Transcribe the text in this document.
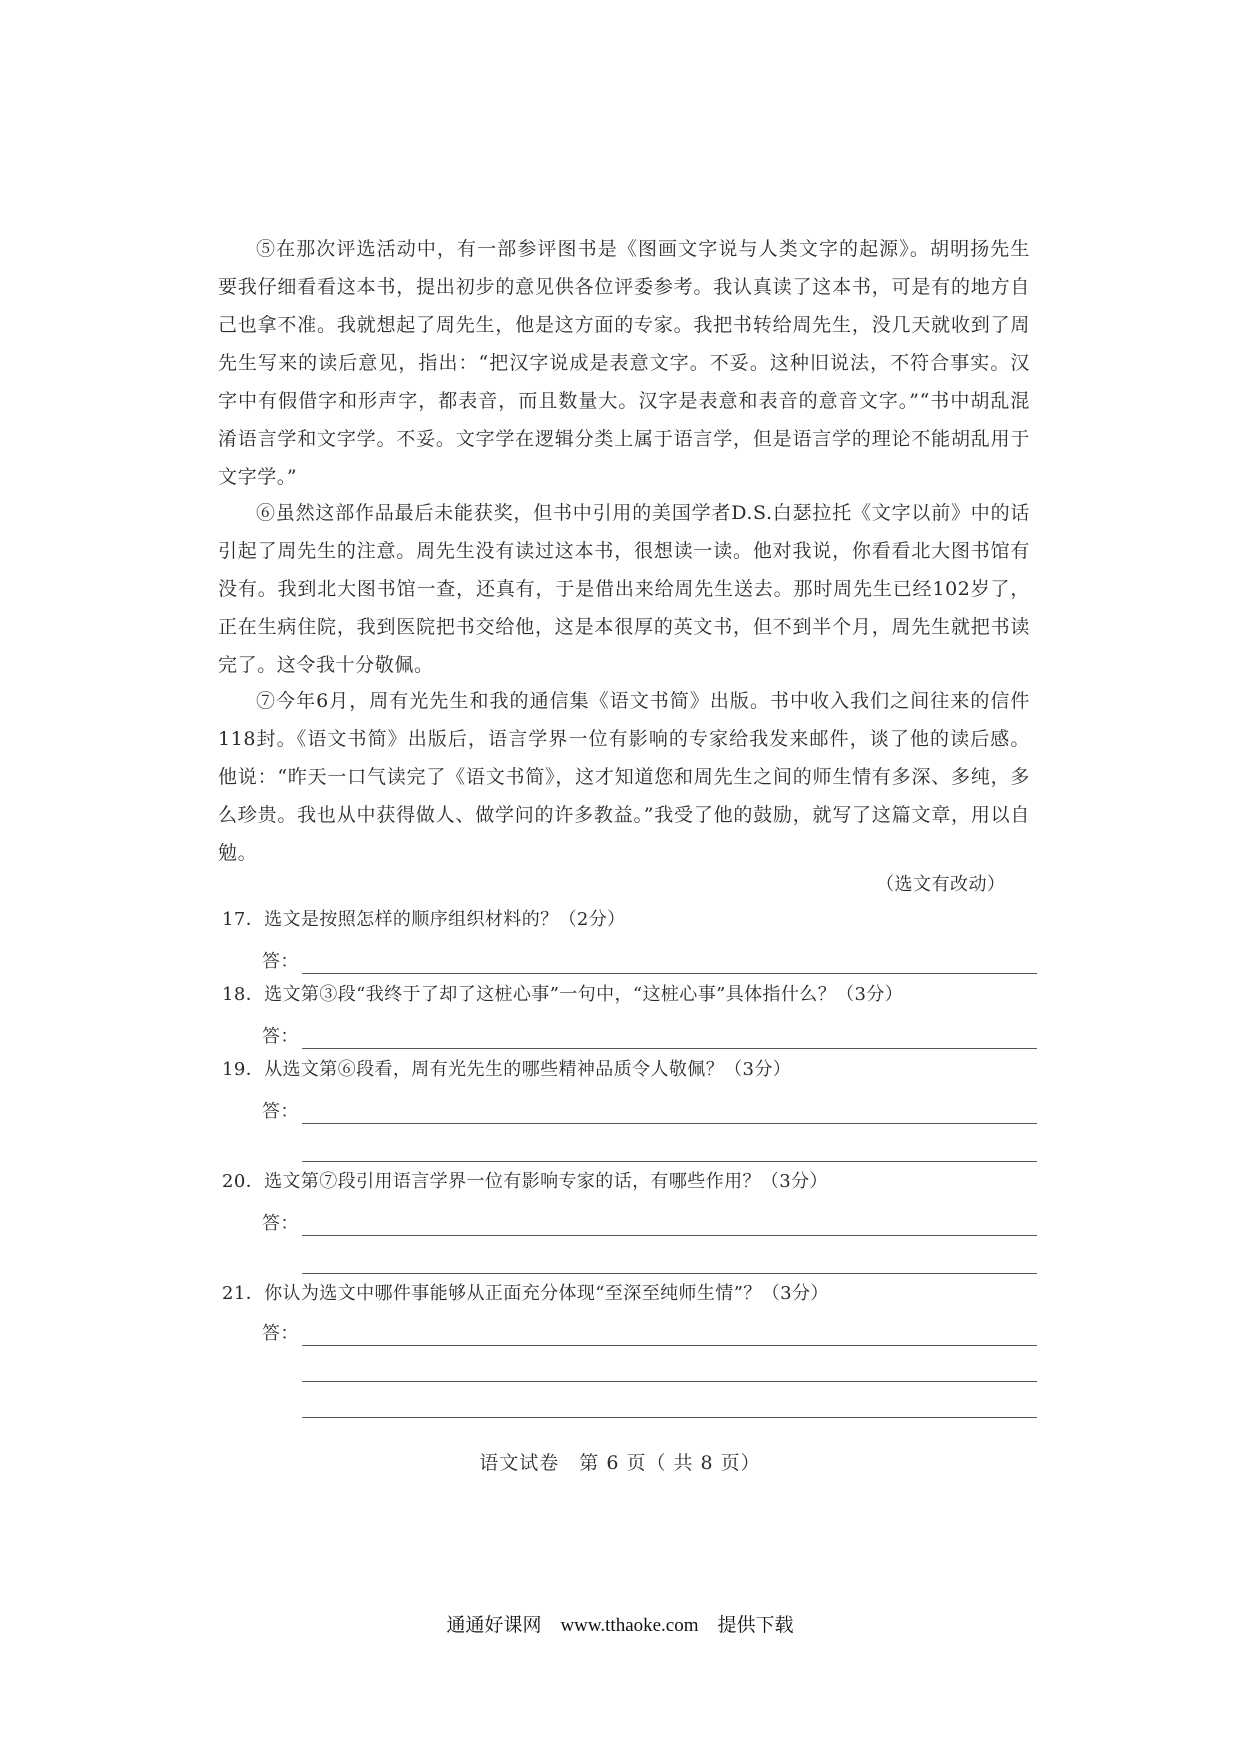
⑤在那次评选活动中，有一部参评图书是《图画文字说与人类文字的起源》。胡明扬先生要我仔细看看这本书，提出初步的意见供各位评委参考。我认真读了这本书，可是有的地方自己也拿不准。我就想起了周先生，他是这方面的专家。我把书转给周先生，没几天就收到了周先生写来的读后意见，指出：“把汉字说成是表意文字。不妥。这种旧说法，不符合事实。汉字中有假借字和形声字，都表音，而且数量大。汉字是表意和表音的意音文字。”“书中胡乱混淆语言学和文字学。不妥。文字学在逻辑分类上属于语言学，但是语言学的理论不能胡乱用于文字学。”

⑥虽然这部作品最后未能获奖，但书中引用的美国学者D.S.白瑟拉托《文字以前》中的话引起了周先生的注意。周先生没有读过这本书，很想读一读。他对我说，你看看北大图书馆有没有。我到北大图书馆一查，还真有，于是借出来给周先生送去。那时周先生已经102岁了，正在生病住院，我到医院把书交给他，这是本很厚的英文书，但不到半个月，周先生就把书读完了。这令我十分敬佩。

⑦今年6月，周有光先生和我的通信集《语文书简》出版。书中收入我们之间往来的信件118封。《语文书简》出版后，语言学界一位有影响的专家给我发来邮件，谈了他的读后感。他说：“昨天一口气读完了《语文书简》，这才知道您和周先生之间的师生情有多深、多纯，多么珍贵。我也从中获得做人、做学问的许多教益。”我受了他的鼓励，就写了这篇文章，用以自勉。

（选文有改动）
17．选文是按照怎样的顺序组织材料的？（2分）
答：
18．选文第③段“我终于了却了这桩心事”一句中，“这桩心事”具体指什么？（3分）
答：
19．从选文第⑥段看，周有光先生的哪些精神品质令人敬佩？（3分）
答：
20．选文第⑦段引用语言学界一位有影响专家的话，有哪些作用？（3分）
答：
21．你认为选文中哪件事能够从正面充分体现“至深至纯师生情”？（3分）
答：
语文试卷　第 6 页（ 共 8 页）
通通好课网　www.tthaoke.com　提供下载
